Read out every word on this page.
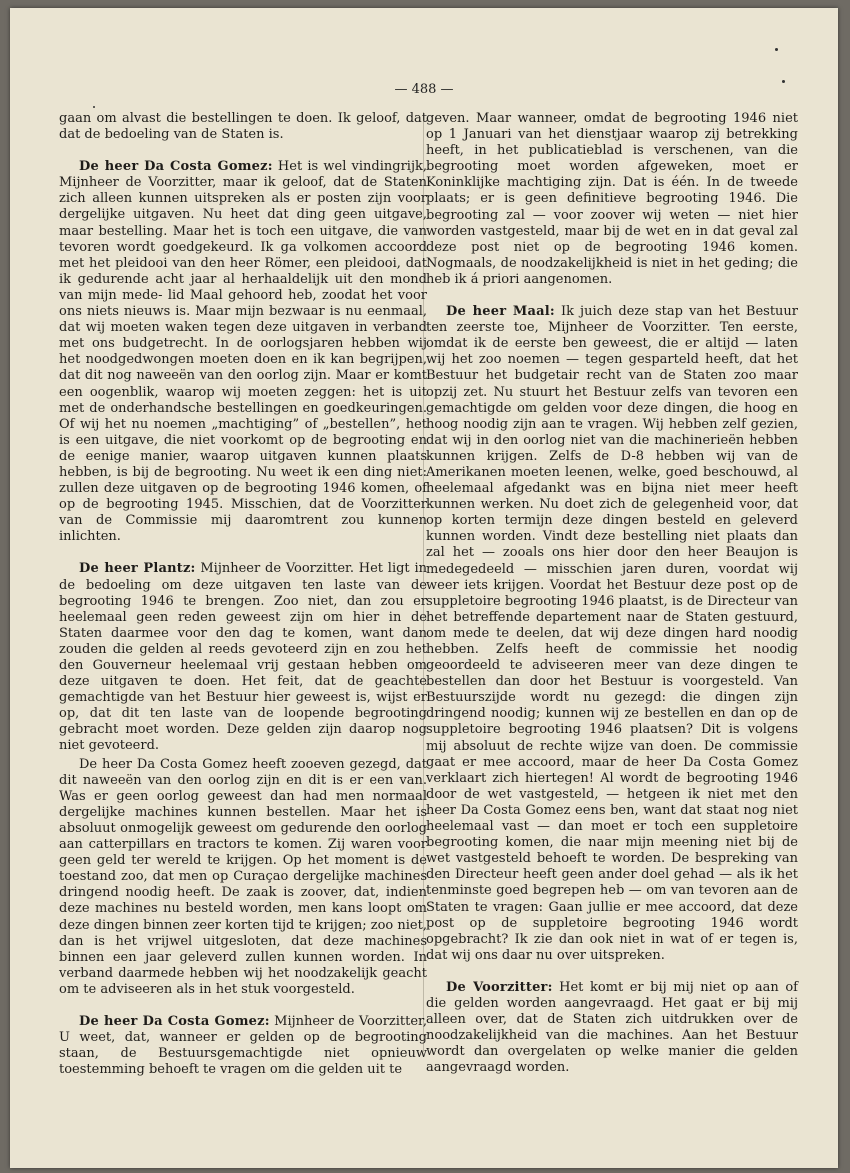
— 488 —

gaan om alvast die bestellingen te doen. Ik geloof, dat dat de bedoeling van de Staten is.

De heer Da Costa Gomez: Het is wel vindingrijk, Mijnheer de Voorzitter, maar ik geloof, dat de Staten zich alleen kunnen uitspreken als er posten zijn voor dergelijke uitgaven. Nu heet dat ding geen uitgave, maar bestelling. Maar het is toch een uitgave, die van tevoren wordt goedgekeurd. Ik ga volkomen accoord met het pleidooi van den heer Römer, een pleidooi, dat ik gedurende acht jaar al herhaaldelijk uit den mond van mijn mede- lid Maal gehoord heb, zoodat het voor ons niets nieuws is. Maar mijn bezwaar is nu eenmaal, dat wij moeten waken tegen deze uitgaven in verband met ons budgetrecht. In de oorlogsjaren hebben wij het noodgedwongen moeten doen en ik kan begrijpen, dat dit nog naweeën van den oorlog zijn. Maar er komt een oogenblik, waarop wij moeten zeggen: het is uit met de onderhandsche bestellingen en goedkeuringen. Of wij het nu noemen „machtiging” of „bestellen”, het is een uitgave, die niet voorkomt op de begrooting en de eenige manier, waarop uitgaven kunnen plaats hebben, is bij de begrooting. Nu weet ik een ding niet: zullen deze uitgaven op de begrooting 1946 komen, of op de begrooting 1945. Misschien, dat de Voorzitter van de Commissie mij daaromtrent zou kunnen inlichten.

De heer Plantz: Mijnheer de Voorzitter. Het ligt in de bedoeling om deze uitgaven ten laste van de begrooting 1946 te brengen. Zoo niet, dan zou er heelemaal geen reden geweest zijn om hier in de Staten daarmee voor den dag te komen, want dan zouden die gelden al reeds gevoteerd zijn en zou het den Gouverneur heelemaal vrij gestaan hebben om deze uitgaven te doen. Het feit, dat de geachte gemachtigde van het Bestuur hier geweest is, wijst er op, dat dit ten laste van de loopende begrooting gebracht moet worden. Deze gelden zijn daarop nog niet gevoteerd.

De heer Da Costa Gomez heeft zooeven gezegd, dat dit naweeën van den oorlog zijn en dit is er een van. Was er geen oorlog geweest dan had men normaal dergelijke machines kunnen bestellen. Maar het is absoluut onmogelijk geweest om gedurende den oorlog aan catterpillars en tractors te komen. Zij waren voor geen geld ter wereld te krijgen. Op het moment is de toestand zoo, dat men op Curaçao dergelijke machines dringend noodig heeft. De zaak is zoover, dat, indien deze machines nu besteld worden, men kans loopt om deze dingen binnen zeer korten tijd te krijgen; zoo niet, dan is het vrijwel uitgesloten, dat deze machines binnen een jaar geleverd zullen kunnen worden. In verband daarmede hebben wij het noodzakelijk geacht om te adviseeren als in het stuk voorgesteld.

De heer Da Costa Gomez: Mijnheer de Voorzitter, U weet, dat, wanneer er gelden op de begrooting staan, de Bestuursgemachtigde niet opnieuw toestemming behoeft te vragen om die gelden uit te

geven. Maar wanneer, omdat de begrooting 1946 niet op 1 Januari van het dienstjaar waarop zij betrekking heeft, in het publicatieblad is verschenen, van die begrooting moet worden afgeweken, moet er Koninklijke machtiging zijn. Dat is één. In de tweede plaats; er is geen definitieve begrooting 1946. Die begrooting zal — voor zoover wij weten — niet hier worden vastgesteld, maar bij de wet en in dat geval zal deze post niet op de begrooting 1946 komen. Nogmaals, de noodzakelijkheid is niet in het geding; die heb ik á priori aangenomen.

De heer Maal: Ik juich deze stap van het Bestuur ten zeerste toe, Mijnheer de Voorzitter. Ten eerste, omdat ik de eerste ben geweest, die er altijd — laten wij het zoo noemen — tegen gesparteld heeft, dat het Bestuur het budgetair recht van de Staten zoo maar opzij zet. Nu stuurt het Bestuur zelfs van tevoren een gemachtigde om gelden voor deze dingen, die hoog en hoog noodig zijn aan te vragen. Wij hebben zelf gezien, dat wij in den oorlog niet van die machinerieën hebben kunnen krijgen. Zelfs de D-8 hebben wij van de Amerikanen moeten leenen, welke, goed beschouwd, al heelemaal afgedankt was en bijna niet meer heeft kunnen werken. Nu doet zich de gelegenheid voor, dat op korten termijn deze dingen besteld en geleverd kunnen worden. Vindt deze bestelling niet plaats dan zal het — zooals ons hier door den heer Beaujon is medegedeeld — misschien jaren duren, voordat wij weer iets krijgen. Voordat het Bestuur deze post op de suppletoire begrooting 1946 plaatst, is de Directeur van het betreffende departement naar de Staten gestuurd, om mede te deelen, dat wij deze dingen hard noodig hebben. Zelfs heeft de commissie het noodig geoordeeld te adviseeren meer van deze dingen te bestellen dan door het Bestuur is voorgesteld. Van Bestuurszijde wordt nu gezegd: die dingen zijn dringend noodig; kunnen wij ze bestellen en dan op de suppletoire begrooting 1946 plaatsen? Dit is volgens mij absoluut de rechte wijze van doen. De commissie gaat er mee accoord, maar de heer Da Costa Gomez verklaart zich hiertegen! Al wordt de begrooting 1946 door de wet vastgesteld, — hetgeen ik niet met den heer Da Costa Gomez eens ben, want dat staat nog niet heelemaal vast — dan moet er toch een suppletoire begrooting komen, die naar mijn meening niet bij de wet vastgesteld behoeft te worden. De bespreking van den Directeur heeft geen ander doel gehad — als ik het tenminste goed begrepen heb — om van tevoren aan de Staten te vragen: Gaan jullie er mee accoord, dat deze post op de suppletoire begrooting 1946 wordt opgebracht? Ik zie dan ook niet in wat of er tegen is, dat wij ons daar nu over uitspreken.

De Voorzitter: Het komt er bij mij niet op aan of die gelden worden aangevraagd. Het gaat er bij mij alleen over, dat de Staten zich uitdrukken over de noodzakelijkheid van die machines. Aan het Bestuur wordt dan overgelaten op welke manier die gelden aangevraagd worden.
